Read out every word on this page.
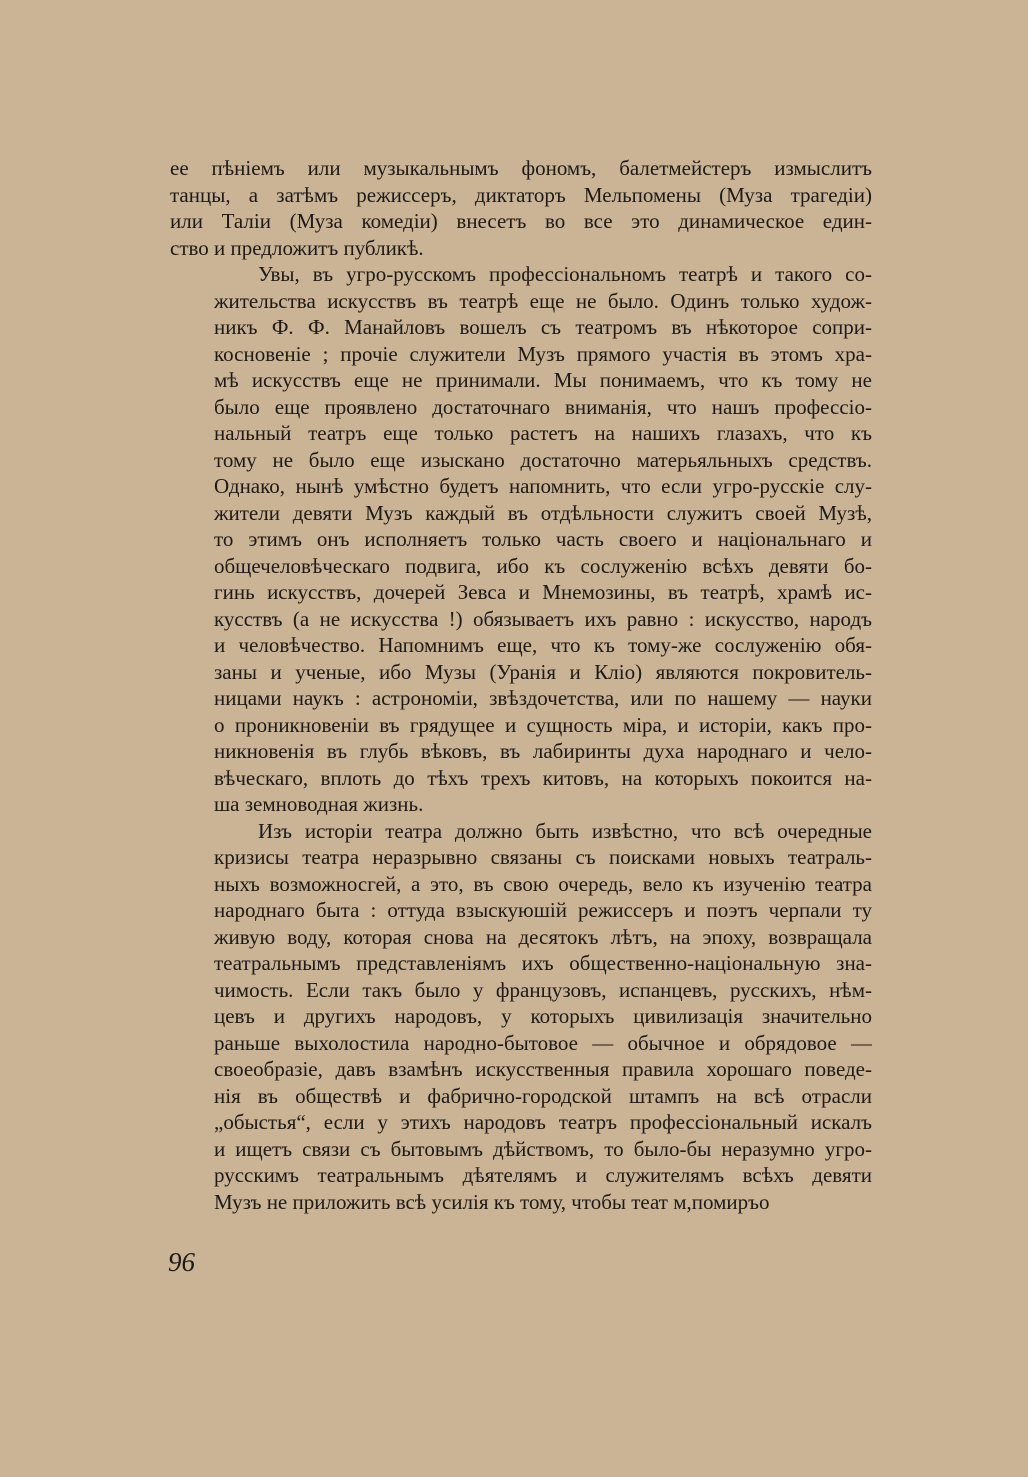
ее пѣніемъ или музыкальнымъ фономъ, балетмейстеръ измыслитъ
танцы, а затѣмъ режиссеръ, диктаторъ Мельпомены (Муза трагедіи)
или Таліи (Муза комедіи) внесетъ во все это динамическое един-
ство и предложитъ публикѣ.
Увы, въ угро-русскомъ професcіональномъ театрѣ и такого со-
жительства искусствъ въ театрѣ еще не было. Одинъ только худож-
никъ Ф. Ф. Манайловъ вошелъ съ театромъ въ нѣкоторое сопри-
косновеніе ; прочіе служители Музъ прямого участія въ этомъ хра-
мѣ искусствъ еще не принимали. Мы понимаемъ, что къ тому не
было еще проявлено достаточнаго вниманія, что нашъ профессіо-
нальный театръ еще только растетъ на нашихъ глазахъ, что къ
тому не было еще изыскано достаточно матерьяльныхъ средствъ.
Однако, нынѣ умѣстно будетъ напомнить, что если угро-русскіе слу-
жители девяти Музъ каждый въ отдѣльности служитъ своей Музѣ,
то этимъ онъ исполняетъ только часть своего и національнаго и
общечеловѣческаго подвига, ибо къ сослуженію всѣхъ девяти бо-
гинь искусствъ, дочерей Зевса и Мнемозины, въ театрѣ, храмѣ ис-
кусствъ (а не искусства !) обязываетъ ихъ равно : искусство, народъ
и человѣчество. Напомнимъ еще, что къ тому-же сослуженію обя-
заны и ученые, ибо Музы (Уранія и Кліо) являются покровитель-
ницами наукъ : астрономіи, звѣздочетства, или по нашему — науки
о проникновеніи въ грядущее и сущность міра, и исторіи, какъ про-
никновенія въ глубь вѣковъ, въ лабиринты духа народнаго и чело-
вѣческаго, вплоть до тѣхъ трехъ китовъ, на которыхъ покоится на-
ша земноводная жизнь.
Изъ исторіи театра должно быть извѣстно, что всѣ очередные
кризисы театра неразрывно связаны съ поисками новыхъ театраль-
ныхъ возможносгей, а это, въ свою очередь, вело къ изученію театра
народнаго быта : оттуда взыскуюшій режиссеръ и поэтъ черпали ту
живую воду, которая снова на десятокъ лѣтъ, на эпоху, возвращала
театральнымъ представленіямъ ихъ общественно-національную зна-
чимость. Если такъ было у французовъ, испанцевъ, русскихъ, нѣм-
цевъ и другихъ народовъ, у которыхъ цивилизація значительно
раньше выхолостила народно-бытовое — обычное и обрядовое —
своеобразіе, давъ взамѣнъ искусственныя правила хорошаго поведе-
нія въ обществѣ и фабрично-городской штампъ на всѣ отрасли
„обыстья“, если у этихъ народовъ театръ профессіональный искалъ
и ищетъ связи съ бытовымъ дѣйствомъ, то было-бы неразумно угро-
русскимъ театральнымъ дѣятелямъ и служителямъ всѣхъ девяти
Музъ не приложить всѣ усилія къ тому, чтобы теат м,помиръо
96
